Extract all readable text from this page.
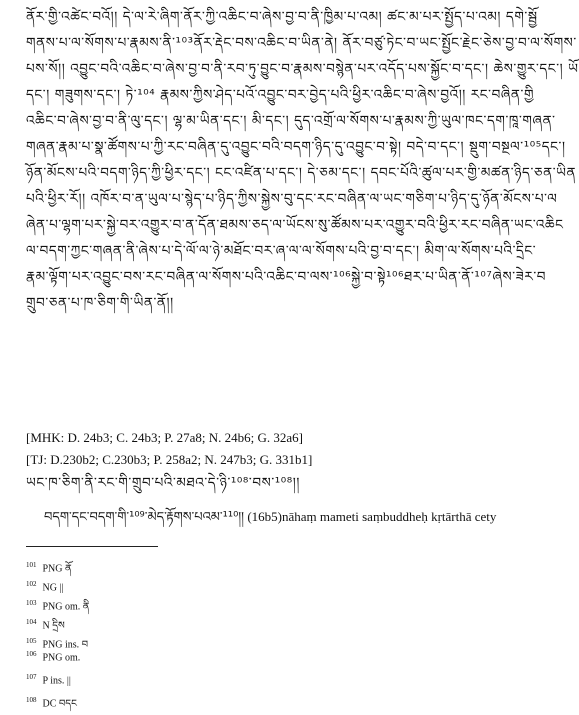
ནོར་གྱི་འཚེང་བའོ།། དེ་ལ་རེ་ཞིག་ནོར་ཀྱི་འཆིང་བ་ཞེས་བྱ་བ་ནི་ཁྱིམ་པ་འམ། ཚང་མ་པར་སྤྱོད་པ་འམ། དགེ་སྦྱོ
གནས་པ་ལ་སོགས་པ་རྣམས་ནི་¹⁰³ནོར་རྡེང་བས་འཆིང་བ་ཡིན་ནེ། ནོར་བཙུ་ཏེང་བ་ཡང་སྤྱོང་རྗེང་ཅེས་བྱ་བ་ལ་སོགས་
པས་སོ།། འབྱུང་བའི་འཆིང་བ་ཞེས་བྱ་བ་ནི་རབ་ཏུ་བྱུང་བ་རྣམས་བསྙེན་པར་འདོད་པས་སྐྱོང་བ་དང་། ཆེས་གྱུར་དང་། ཡོ
དང་། གཟུགས་དང་། ཏེ་¹⁰⁴ རྣམས་ཀྱིས་ཤེད་པའོ་འབྱུང་བར་བྱེད་པའི་ཕྱིར་འཆིང་བ་ཞེས་བྱའོ།། རང་བཞིན་གྱི
འཆིང་བ་ཞེས་བྱ་བ་ནི་ལུ་དང་། ལྷ་མ་ཡིན་དང་། མི་དང་། དུད་འགྲོ་ལ་སོགས་པ་རྣམས་ཀྱི་ཡུལ་ཁང་དག་ཁཱ་གཞན་
གཞན་རྣམ་པ་སྣ་ཚོགས་པ་ཀྱི་རང་བཞིན་དུ་འབྱུང་བའི་བདག་ཉིད་དུ་འབྱུང་བ་སྟེ། བདེ་བ་དང་། སྡུག་བསྔལ་¹⁰⁵དང་།
ཉོན་མོངས་པའི་བདག་ཉིད་ཀྱི་ཕྱིར་དང་། ངང་འཛིན་པ་དང་། དེ་ཅམ་དང་། དབང་པོའི་ཚུལ་པར་གྱི་མཚན་ཉིད་ཅན་ཡིན
པའི་ཕྱིར་རོ།། འཁོར་བ་ན་ཡུལ་པ་སྙེད་པ་ཉིད་ཀྱིས་སྐྱེས་བུ་དང་རང་བཞིན་ལ་ཡང་གཅིག་པ་ཉིད་དུ་ཉོན་མོངས་པ་ལ
ཞེན་པ་ལྷག་པར་སྐྱེ་བར་འགྱུར་བ་ན་དོན་ཐམས་ཅད་ལ་ཡོངས་སུ་ཚོམས་པར་འགྱུར་བའི་ཕྱིར་རང་བཞིན་ཡང་འཆིང
ལ་བདག་ཀྱང་གཞན་ནི་ཞེས་པ་དེ་ལོ་ལ་ཉེ་མཐོང་བར་ཞ་ལ་ལ་སོགས་པའི་བྱ་བ་དང་། མིག་ལ་སོགས་པའི་དྲིང་
རྣམ་ལྟོག་པར་འབྱུང་བས་རང་བཞིན་ལ་སོགས་པའི་འཆིང་བ་ལས་¹⁰⁶སྐྱེ་བ་སྟེ¹⁰⁶ཐར་པ་ཡིན་ནོ་¹⁰⁷ཞེས་ཟེར་བ
གྲུབ་ཅན་པ་ཁ་ཅིག་གི་ཡིན་ནོ།།
[MHK: D. 24b3; C. 24b3; P. 27a8; N. 24b6; G. 32a6]
[TJ: D.230b2; C.230b3; P. 258a2; N. 247b3; G. 331b1]
ཡང་ཁ་ཅིག་ནི་རང་གི་གྲུབ་པའི་མཐའ་དེ་ཉི་¹⁰⁸་བས་¹⁰⁸།།
བདག་དང་བདག་གི་¹⁰⁹་མེད་རྟོགས་པའམ་¹¹⁰།། (16b5)nāhaṃ mameti saṃbuddheḥ kṛtārthā cety
$^{101}$ PNG ནོ
$^{102}$ NG ||
$^{103}$ PNG om. ནི
$^{104}$ N དྲིས
$^{105}$ PNG ins. བ
$^{106}$ PNG om.
$^{107}$ P ins. ||
$^{108}$ DC བདང
